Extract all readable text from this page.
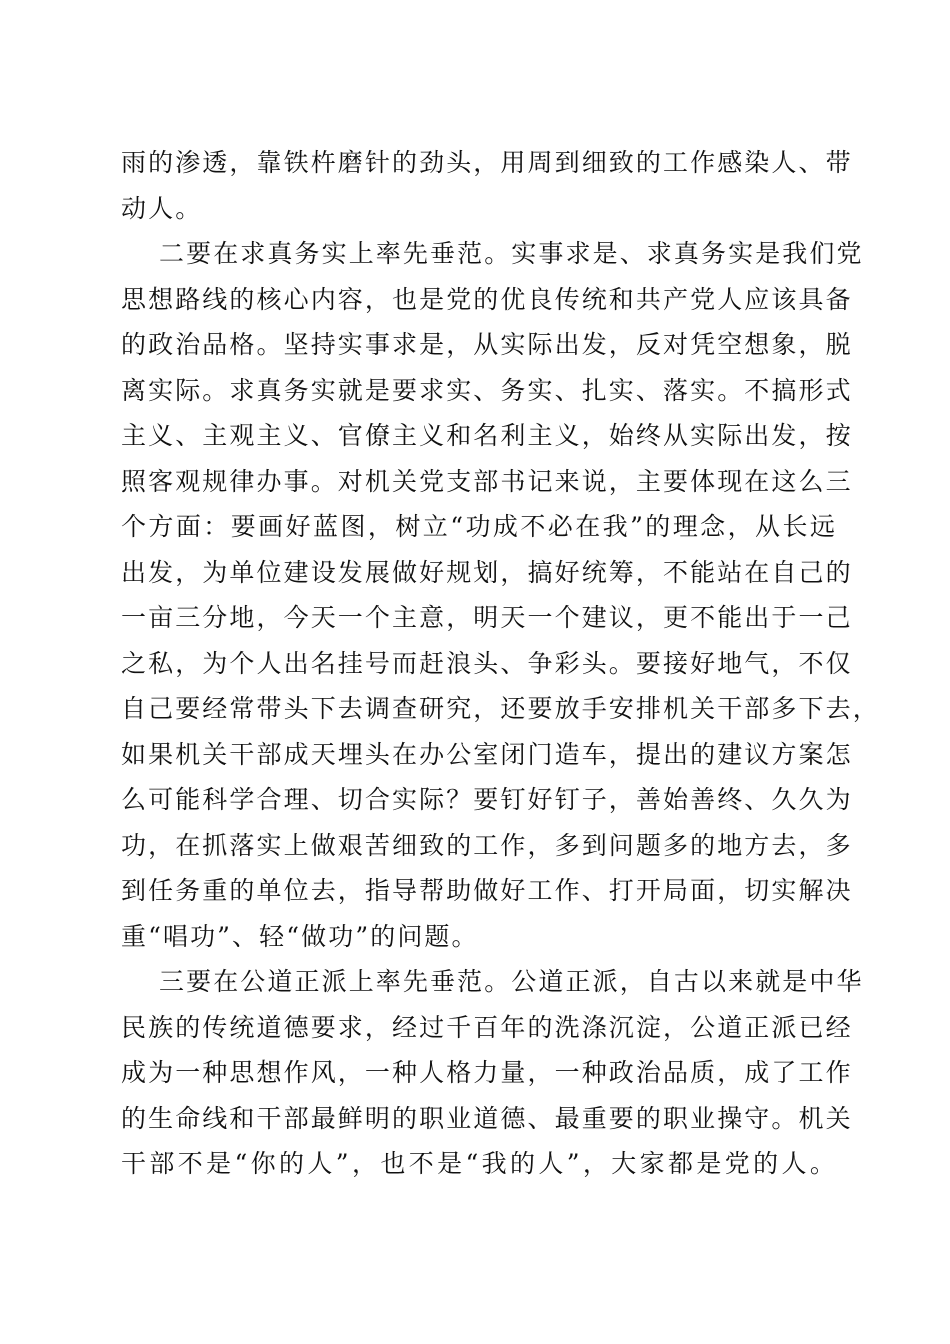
雨的渗透，靠铁杵磨针的劲头，用周到细致的工作感染人、带
动人。
二要在求真务实上率先垂范。实事求是、求真务实是我们党
思想路线的核心内容，也是党的优良传统和共产党人应该具备
的政治品格。坚持实事求是，从实际出发，反对凭空想象，脱
离实际。求真务实就是要求实、务实、扎实、落实。不搞形式
主义、主观主义、官僚主义和名利主义，始终从实际出发，按
照客观规律办事。对机关党支部书记来说，主要体现在这么三
个方面：要画好蓝图，树立“功成不必在我”的理念，从长远
出发，为单位建设发展做好规划，搞好统筹，不能站在自己的
一亩三分地，今天一个主意，明天一个建议，更不能出于一己
之私，为个人出名挂号而赶浪头、争彩头。要接好地气，不仅
自己要经常带头下去调查研究，还要放手安排机关干部多下去，
如果机关干部成天埋头在办公室闭门造车，提出的建议方案怎
么可能科学合理、切合实际？要钉好钉子，善始善终、久久为
功，在抓落实上做艰苦细致的工作，多到问题多的地方去，多
到任务重的单位去，指导帮助做好工作、打开局面，切实解决
重“唱功”、轻“做功”的问题。
三要在公道正派上率先垂范。公道正派，自古以来就是中华
民族的传统道德要求，经过千百年的洗涤沉淀，公道正派已经
成为一种思想作风，一种人格力量，一种政治品质，成了工作
的生命线和干部最鲜明的职业道德、最重要的职业操守。机关
干部不是“你的人”，也不是“我的人”，大家都是党的人。
